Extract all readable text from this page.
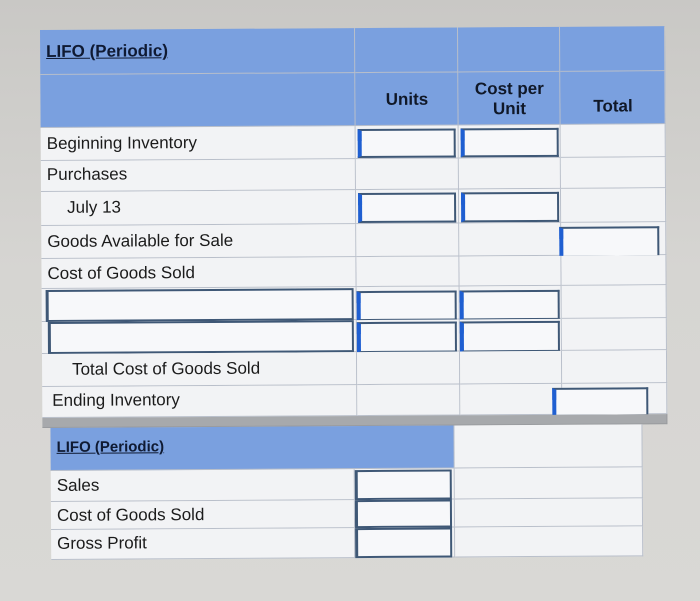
LIFO (Periodic)
Units
Cost per
Unit	Total
Beginning Inventory
Purchases
July 13
Goods Available for Sale
Cost of Goods Sold
Total Cost of Goods Sold
Ending Inventory
LIFO (Periodic)
Sales
Cost of Goods Sold
Gross Profit
